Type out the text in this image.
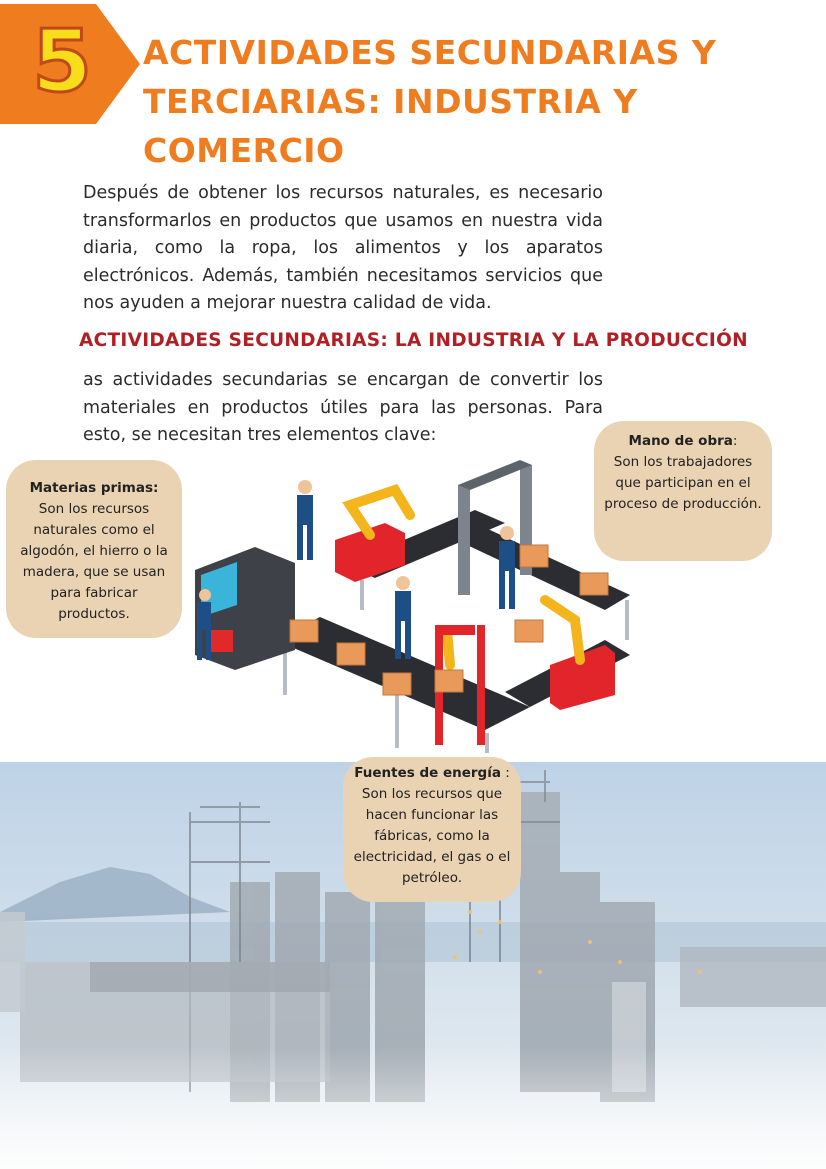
5	ACTIVIDADES SECUNDARIAS Y
TERCIARIAS: INDUSTRIA Y COMERCIO

Después de obtener los recursos naturales, es necesario transformarlos en productos que usamos en nuestra vida diaria, como la ropa, los alimentos y los aparatos electrónicos. Además, también necesitamos servicios que nos ayuden a mejorar nuestra calidad de vida.

ACTIVIDADES SECUNDARIAS: LA INDUSTRIA Y LA PRODUCCIÓN

as actividades secundarias se encargan de convertir los materiales en productos útiles para las personas. Para esto, se necesitan tres elementos clave:

Materias primas:
Son los recursos naturales como el algodón, el hierro o la madera, que se usan para fabricar productos.
Mano de obra:
Son los trabajadores que participan en el proceso de producción.
Fuentes de energía :
Son los recursos que hacen funcionar las fábricas, como la electricidad, el gas o el petróleo.
